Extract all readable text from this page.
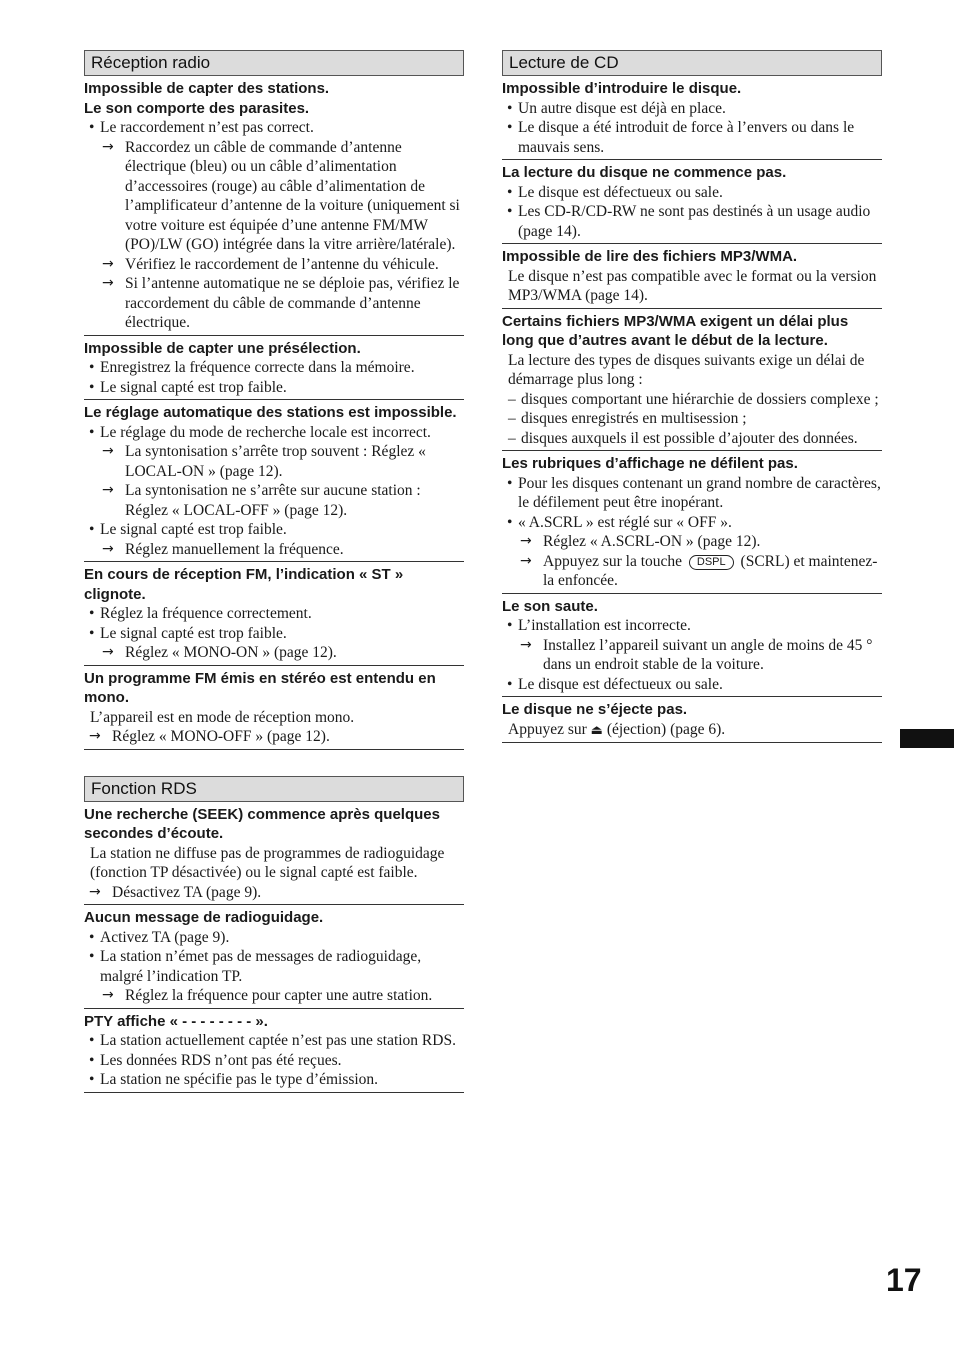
Réception radio
Impossible de capter des stations.
Le son comporte des parasites.
• Le raccordement n’est pas correct.
→ Raccordez un câble de commande d’antenne électrique (bleu) ou un câble d’alimentation d’accessoires (rouge) au câble d’alimentation de l’amplificateur d’antenne de la voiture (uniquement si votre voiture est équipée d’une antenne FM/MW (PO)/LW (GO) intégrée dans la vitre arrière/latérale).
→ Vérifiez le raccordement de l’antenne du véhicule.
→ Si l’antenne automatique ne se déploie pas, vérifiez le raccordement du câble de commande d’antenne électrique.
Impossible de capter une présélection.
• Enregistrez la fréquence correcte dans la mémoire.
• Le signal capté est trop faible.
Le réglage automatique des stations est impossible.
• Le réglage du mode de recherche locale est incorrect.
→ La syntonisation s’arrête trop souvent : Réglez « LOCAL-ON » (page 12).
→ La syntonisation ne s’arrête sur aucune station : Réglez « LOCAL-OFF » (page 12).
• Le signal capté est trop faible.
→ Réglez manuellement la fréquence.
En cours de réception FM, l’indication « ST » clignote.
• Réglez la fréquence correctement.
• Le signal capté est trop faible.
→ Réglez « MONO-ON » (page 12).
Un programme FM émis en stéréo est entendu en mono.
L’appareil est en mode de réception mono.
→ Réglez « MONO-OFF » (page 12).
Fonction RDS
Une recherche (SEEK) commence après quelques secondes d’écoute.
La station ne diffuse pas de programmes de radioguidage (fonction TP désactivée) ou le signal capté est faible.
→ Désactivez TA (page 9).
Aucun message de radioguidage.
• Activez TA (page 9).
• La station n’émet pas de messages de radioguidage, malgré l’indication TP.
→ Réglez la fréquence pour capter une autre station.
PTY affiche « - - - - - - - - ».
• La station actuellement captée n’est pas une station RDS.
• Les données RDS n’ont pas été reçues.
• La station ne spécifie pas le type d’émission.
Lecture de CD
Impossible d’introduire le disque.
• Un autre disque est déjà en place.
• Le disque a été introduit de force à l’envers ou dans le mauvais sens.
La lecture du disque ne commence pas.
• Le disque est défectueux ou sale.
• Les CD-R/CD-RW ne sont pas destinés à un usage audio (page 14).
Impossible de lire des fichiers MP3/WMA.
Le disque n’est pas compatible avec le format ou la version MP3/WMA (page 14).
Certains fichiers MP3/WMA exigent un délai plus long que d’autres avant le début de la lecture.
La lecture des types de disques suivants exige un délai de démarrage plus long :
– disques comportant une hiérarchie de dossiers complexe ;
– disques enregistrés en multisession ;
– disques auxquels il est possible d’ajouter des données.
Les rubriques d’affichage ne défilent pas.
• Pour les disques contenant un grand nombre de caractères, le défilement peut être inopérant.
• « A.SCRL » est réglé sur « OFF ».
→ Réglez « A.SCRL-ON » (page 12).
→ Appuyez sur la touche DSPL (SCRL) et maintenez-la enfoncée.
Le son saute.
• L’installation est incorrecte.
→ Installez l’appareil suivant un angle de moins de 45 ° dans un endroit stable de la voiture.
• Le disque est défectueux ou sale.
Le disque ne s’éjecte pas.
Appuyez sur ⏏ (éjection) (page 6).
17
